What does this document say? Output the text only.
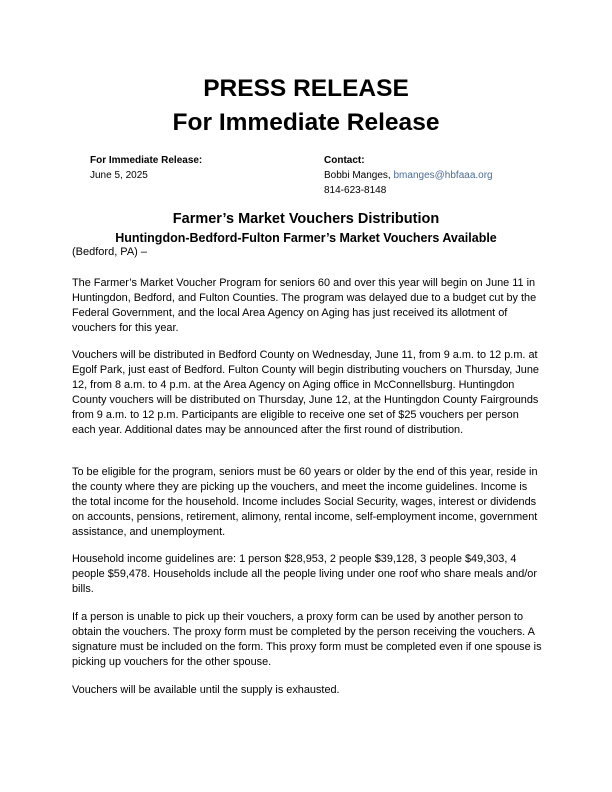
PRESS RELEASE
For Immediate Release
For Immediate Release:
June 5, 2025
Contact:
Bobbi Manges, bmanges@hbfaaa.org
814-623-8148
Farmer’s Market Vouchers Distribution
Huntingdon-Bedford-Fulton Farmer’s Market Vouchers Available
(Bedford, PA) –
The Farmer’s Market Voucher Program for seniors 60 and over this year will begin on June 11 in Huntingdon, Bedford, and Fulton Counties. The program was delayed due to a budget cut by the Federal Government, and the local Area Agency on Aging has just received its allotment of vouchers for this year.
Vouchers will be distributed in Bedford County on Wednesday, June 11, from 9 a.m. to 12 p.m. at Egolf Park, just east of Bedford. Fulton County will begin distributing vouchers on Thursday, June 12, from 8 a.m. to 4 p.m. at the Area Agency on Aging office in McConnellsburg. Huntingdon County vouchers will be distributed on Thursday, June 12, at the Huntingdon County Fairgrounds from 9 a.m. to 12 p.m. Participants are eligible to receive one set of $25 vouchers per person each year. Additional dates may be announced after the first round of distribution.
To be eligible for the program, seniors must be 60 years or older by the end of this year, reside in the county where they are picking up the vouchers, and meet the income guidelines. Income is the total income for the household. Income includes Social Security, wages, interest or dividends on accounts, pensions, retirement, alimony, rental income, self-employment income, government assistance, and unemployment.
Household income guidelines are: 1 person $28,953, 2 people $39,128, 3 people $49,303, 4 people $59,478. Households include all the people living under one roof who share meals and/or bills.
If a person is unable to pick up their vouchers, a proxy form can be used by another person to obtain the vouchers. The proxy form must be completed by the person receiving the vouchers. A signature must be included on the form. This proxy form must be completed even if one spouse is picking up vouchers for the other spouse.
Vouchers will be available until the supply is exhausted.
